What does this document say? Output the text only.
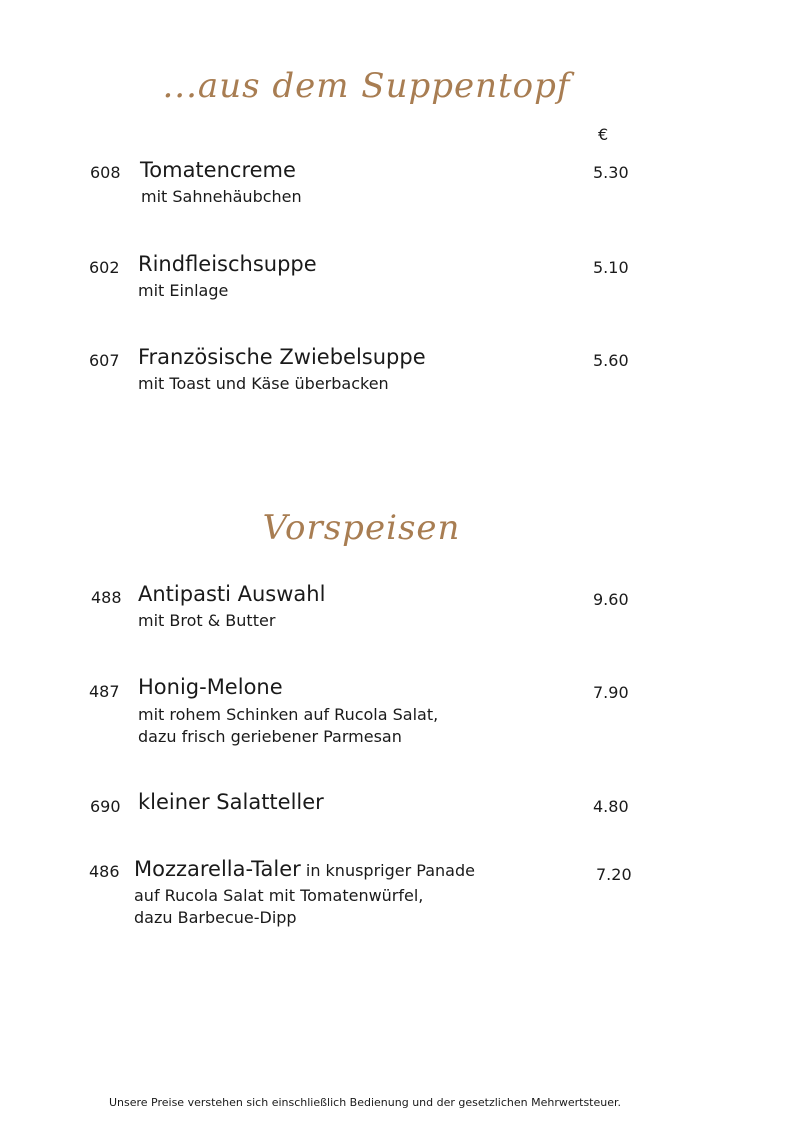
...aus dem Suppentopf
€
608 Tomatencreme
mit Sahnehäubchen
5.30
602 Rindfleischsuppe
mit Einlage
5.10
607 Französische Zwiebelsuppe
mit Toast und Käse überbacken
5.60
Vorspeisen
488 Antipasti Auswahl
mit Brot & Butter
9.60
487 Honig-Melone
mit rohem Schinken auf Rucola Salat,
dazu frisch geriebener Parmesan
7.90
690 kleiner Salatteller	4.80
486 Mozzarella-Taler in knuspriger Panade
auf Rucola Salat mit Tomatenwürfel,
dazu Barbecue-Dipp
7.20
Unsere Preise verstehen sich einschließlich Bedienung und der gesetzlichen Mehrwertsteuer.
